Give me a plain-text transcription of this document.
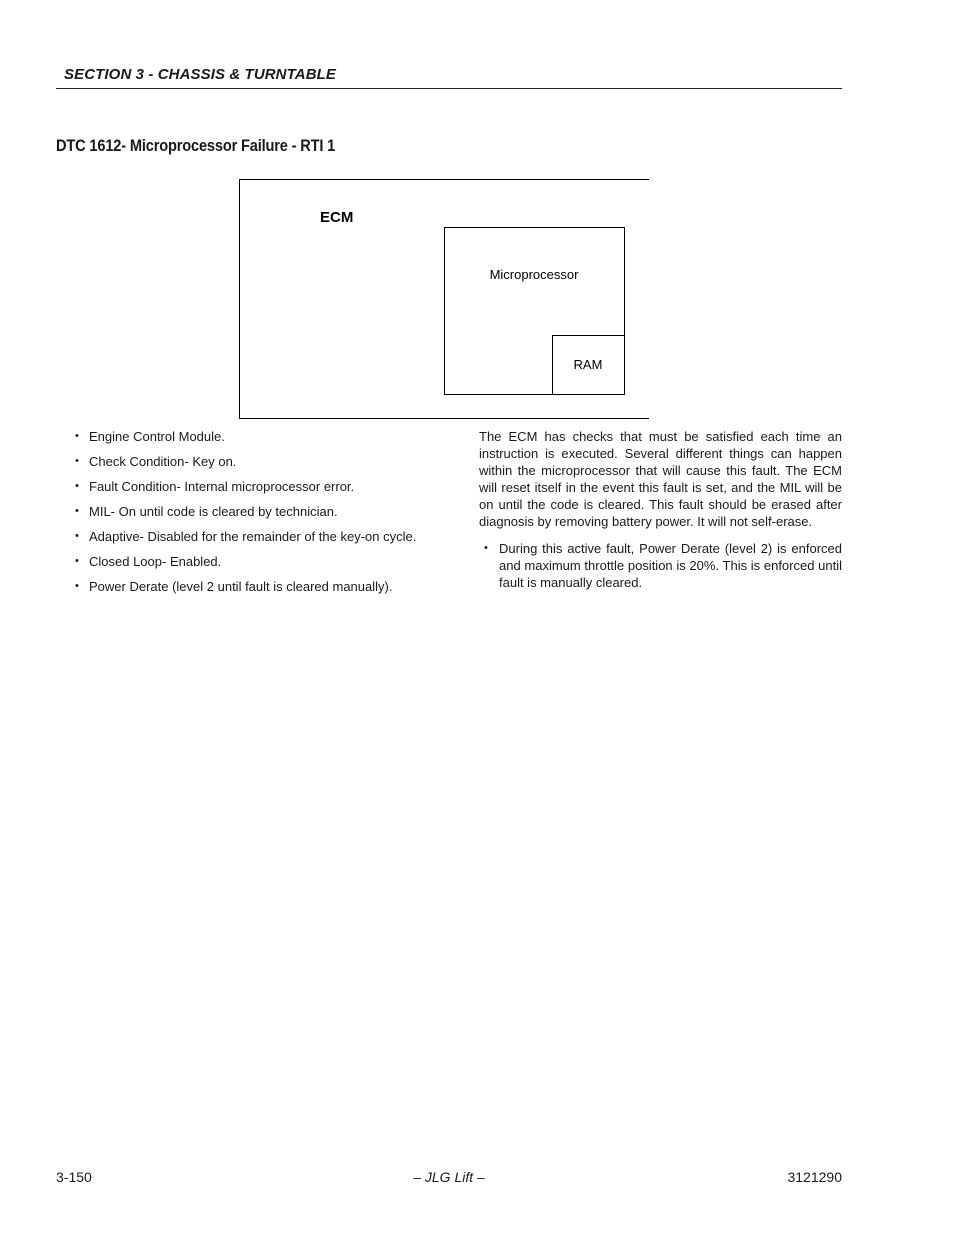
SECTION 3 - CHASSIS & TURNTABLE
DTC 1612- Microprocessor Failure - RTI 1
ECM
Microprocessor
RAM
• Engine Control Module.
• Check Condition- Key on.
• Fault Condition- Internal microprocessor error.
• MIL- On until code is cleared by technician.
• Adaptive- Disabled for the remainder of the key-on cycle.
• Closed Loop- Enabled.
• Power Derate (level 2 until fault is cleared manually).

The ECM has checks that must be satisfied each time an instruction is executed. Several different things can happen within the microprocessor that will cause this fault. The ECM will reset itself in the event this fault is set, and the MIL will be on until the code is cleared. This fault should be erased after diagnosis by removing battery power. It will not self-erase.

• During this active fault, Power Derate (level 2) is enforced and maximum throttle position is 20%. This is enforced until fault is manually cleared.
3-150	– JLG Lift –	3121290
